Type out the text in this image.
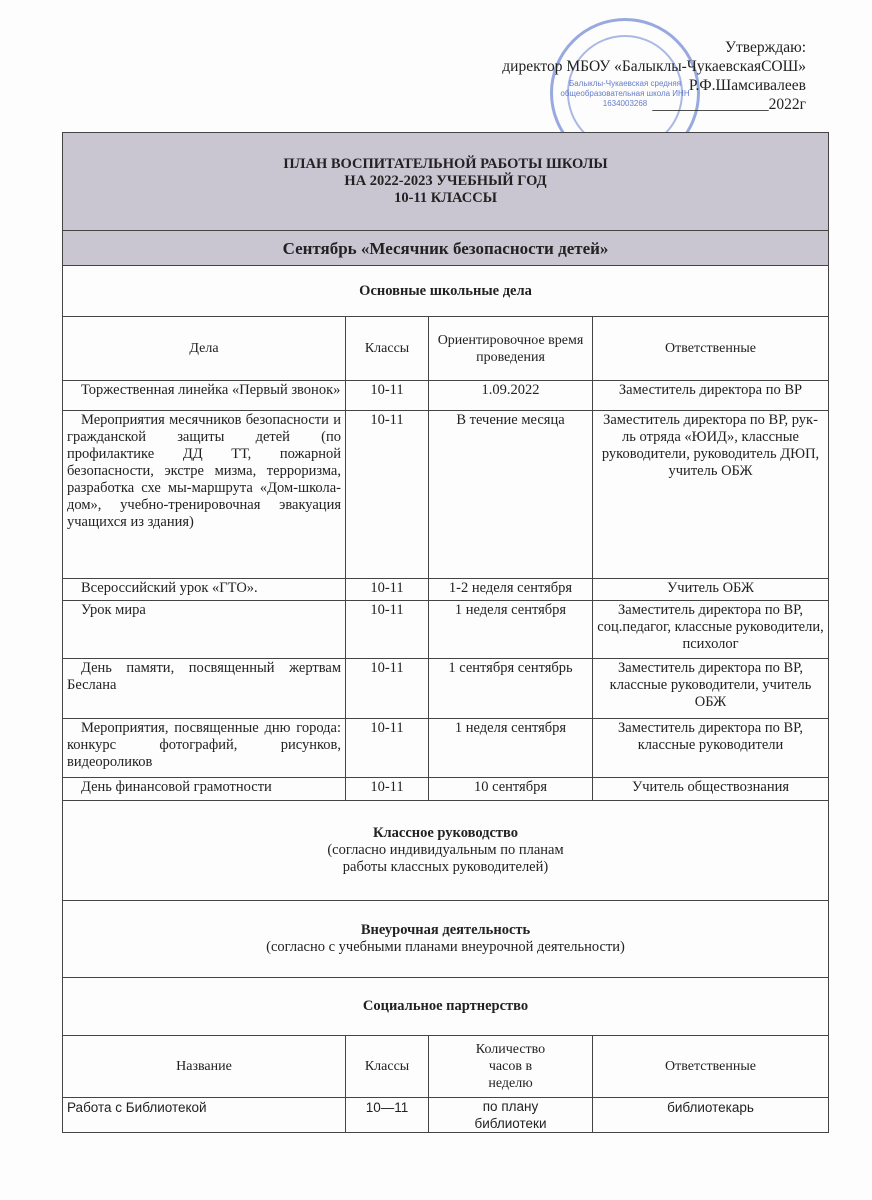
Балыклы-Чукаевская средняя общеобразовательная школа ИНН 1634003268
Утверждаю:
директор МБОУ «Балыклы-ЧукаевскаяСОШ»
Р.Ф.Шамсивалеев
_______________2022г
ПЛАН ВОСПИТАТЕЛЬНОЙ РАБОТЫ ШКОЛЫ
НА 2022-2023 УЧЕБНЫЙ ГОД
10-11 КЛАССЫ			

Сентябрь «Месячник безопасности детей»			

Основные школьные дела			

Дела	Классы	Ориентировочное время проведения	Ответственные
Торжественная линейка «Первый звонок»	10-11	1.09.2022	Заместитель директора по ВР
Мероприятия месячников безопасности и гражданской защиты детей (по профилактике ДД ТТ, пожарной безопасности, экстре мизма, терроризма, разработка схе мы-маршрута «Дом-школа-дом», учебно-тренировочная эвакуация учащихся из здания)	10-11	В течение месяца	Заместитель директора по ВР, рук-ль отряда «ЮИД», классные руководители, руководитель ДЮП, учитель ОБЖ
Всероссийский урок «ГТО».	10-11	1-2 неделя сентября	Учитель ОБЖ
Урок мира	10-11	1 неделя сентября	Заместитель директора по ВР, соц.педагог, классные руководители, психолог
День памяти, посвященный жертвам Беслана	10-11	1 сентября сентябрь	Заместитель директора по ВР, классные руководители, учитель ОБЖ
Мероприятия, посвященные дню города: конкурс фотографий, рисунков, видеороликов	10-11	1 неделя сентября	Заместитель директора по ВР, классные руководители
День финансовой грамотности	10-11	10 сентября	Учитель обществознания

Классное руководство
(согласно индивидуальным по планам работы классных руководителей)			

Внеурочная деятельность
(согласно с учебными планами внеурочной деятельности)			

Социальное партнерство			

Название	Классы	Количество часов в неделю	Ответственные
Работа с Библиотекой	10—11	по плану библиотеки	библиотекарь
